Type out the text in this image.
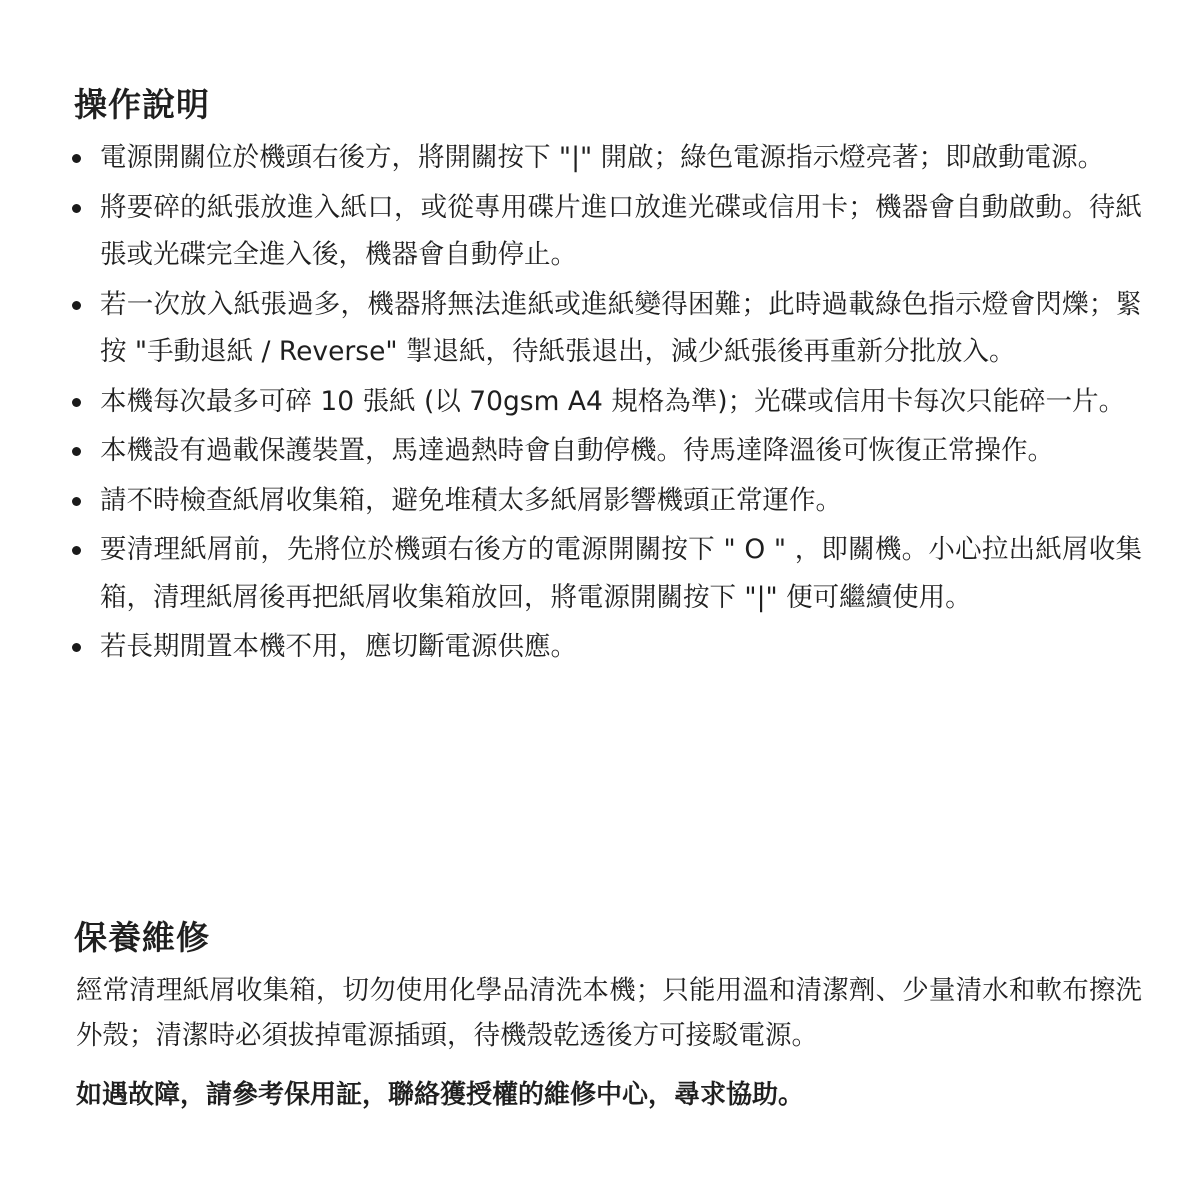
操作說明
電源開關位於機頭右後方，將開關按下 "|" 開啟；綠色電源指示燈亮著；即啟動電源。
將要碎的紙張放進入紙口，或從專用碟片進口放進光碟或信用卡；機器會自動啟動。待紙張或光碟完全進入後，機器會自動停止。
若一次放入紙張過多，機器將無法進紙或進紙變得困難；此時過載綠色指示燈會閃爍；緊按 "手動退紙 / Reverse" 掣退紙，待紙張退出，減少紙張後再重新分批放入。
本機每次最多可碎 10 張紙 (以 70gsm A4 規格為準)；光碟或信用卡每次只能碎一片。
本機設有過載保護裝置，馬達過熱時會自動停機。待馬達降溫後可恢復正常操作。
請不時檢查紙屑收集箱，避免堆積太多紙屑影響機頭正常運作。
要清理紙屑前，先將位於機頭右後方的電源開關按下 " O " ，即關機。小心拉出紙屑收集箱，清理紙屑後再把紙屑收集箱放回，將電源開關按下 "|" 便可繼續使用。
若長期閒置本機不用，應切斷電源供應。
保養維修

經常清理紙屑收集箱，切勿使用化學品清洗本機；只能用溫和清潔劑、少量清水和軟布擦洗外殼；清潔時必須拔掉電源插頭，待機殼乾透後方可接駁電源。

如遇故障，請參考保用証，聯絡獲授權的維修中心，尋求協助。
